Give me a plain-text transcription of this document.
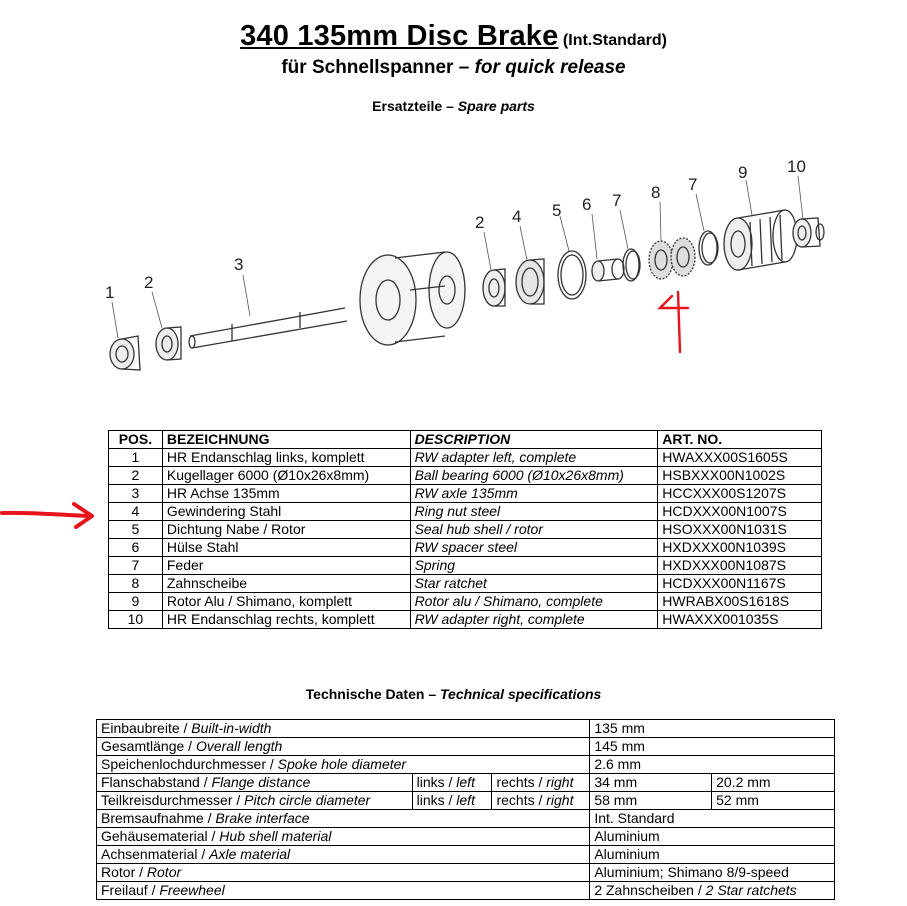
340 135mm Disc Brake (Int.Standard)
für Schnellspanner – for quick release
Ersatzteile – Spare parts
1
2
3
2 4 5 6 7 8 7
9 10
POS.	BEZEICHNUNG	DESCRIPTION	ART. NO.
1	HR Endanschlag links, komplett	RW adapter left, complete	HWAXXX00S1605S
2	Kugellager 6000 (Ø10x26x8mm)	Ball bearing 6000 (Ø10x26x8mm)	HSBXXX00N1002S
3	HR Achse 135mm	RW axle 135mm	HCCXXX00S1207S
4	Gewindering Stahl	Ring nut steel	HCDXXX00N1007S
5	Dichtung Nabe / Rotor	Seal hub shell / rotor	HSOXXX00N1031S
6	Hülse Stahl	RW spacer steel	HXDXXX00N1039S
7	Feder	Spring	HXDXXX00N1087S
8	Zahnscheibe	Star ratchet	HCDXXX00N1167S
9	Rotor Alu / Shimano, komplett	Rotor alu / Shimano, complete	HWRABX00S1618S
10	HR Endanschlag rechts, komplett	RW adapter right, complete	HWAXXX001035S
Technische Daten – Technical specifications
Einbaubreite / Built-in-width			135 mm	
Gesamtlänge / Overall length			145 mm	
Speichenlochdurchmesser / Spoke hole diameter			2.6 mm	
Flanschabstand / Flange distance	links / left	rechts / right	34 mm	20.2 mm
Teilkreisdurchmesser / Pitch circle diameter	links / left	rechts / right	58 mm	52 mm
Bremsaufnahme / Brake interface			Int. Standard	
Gehäusematerial / Hub shell material			Aluminium	
Achsenmaterial / Axle material			Aluminium	
Rotor / Rotor			Aluminium; Shimano 8/9-speed	
Freilauf / Freewheel			2 Zahnscheiben / 2 Star ratchets	
